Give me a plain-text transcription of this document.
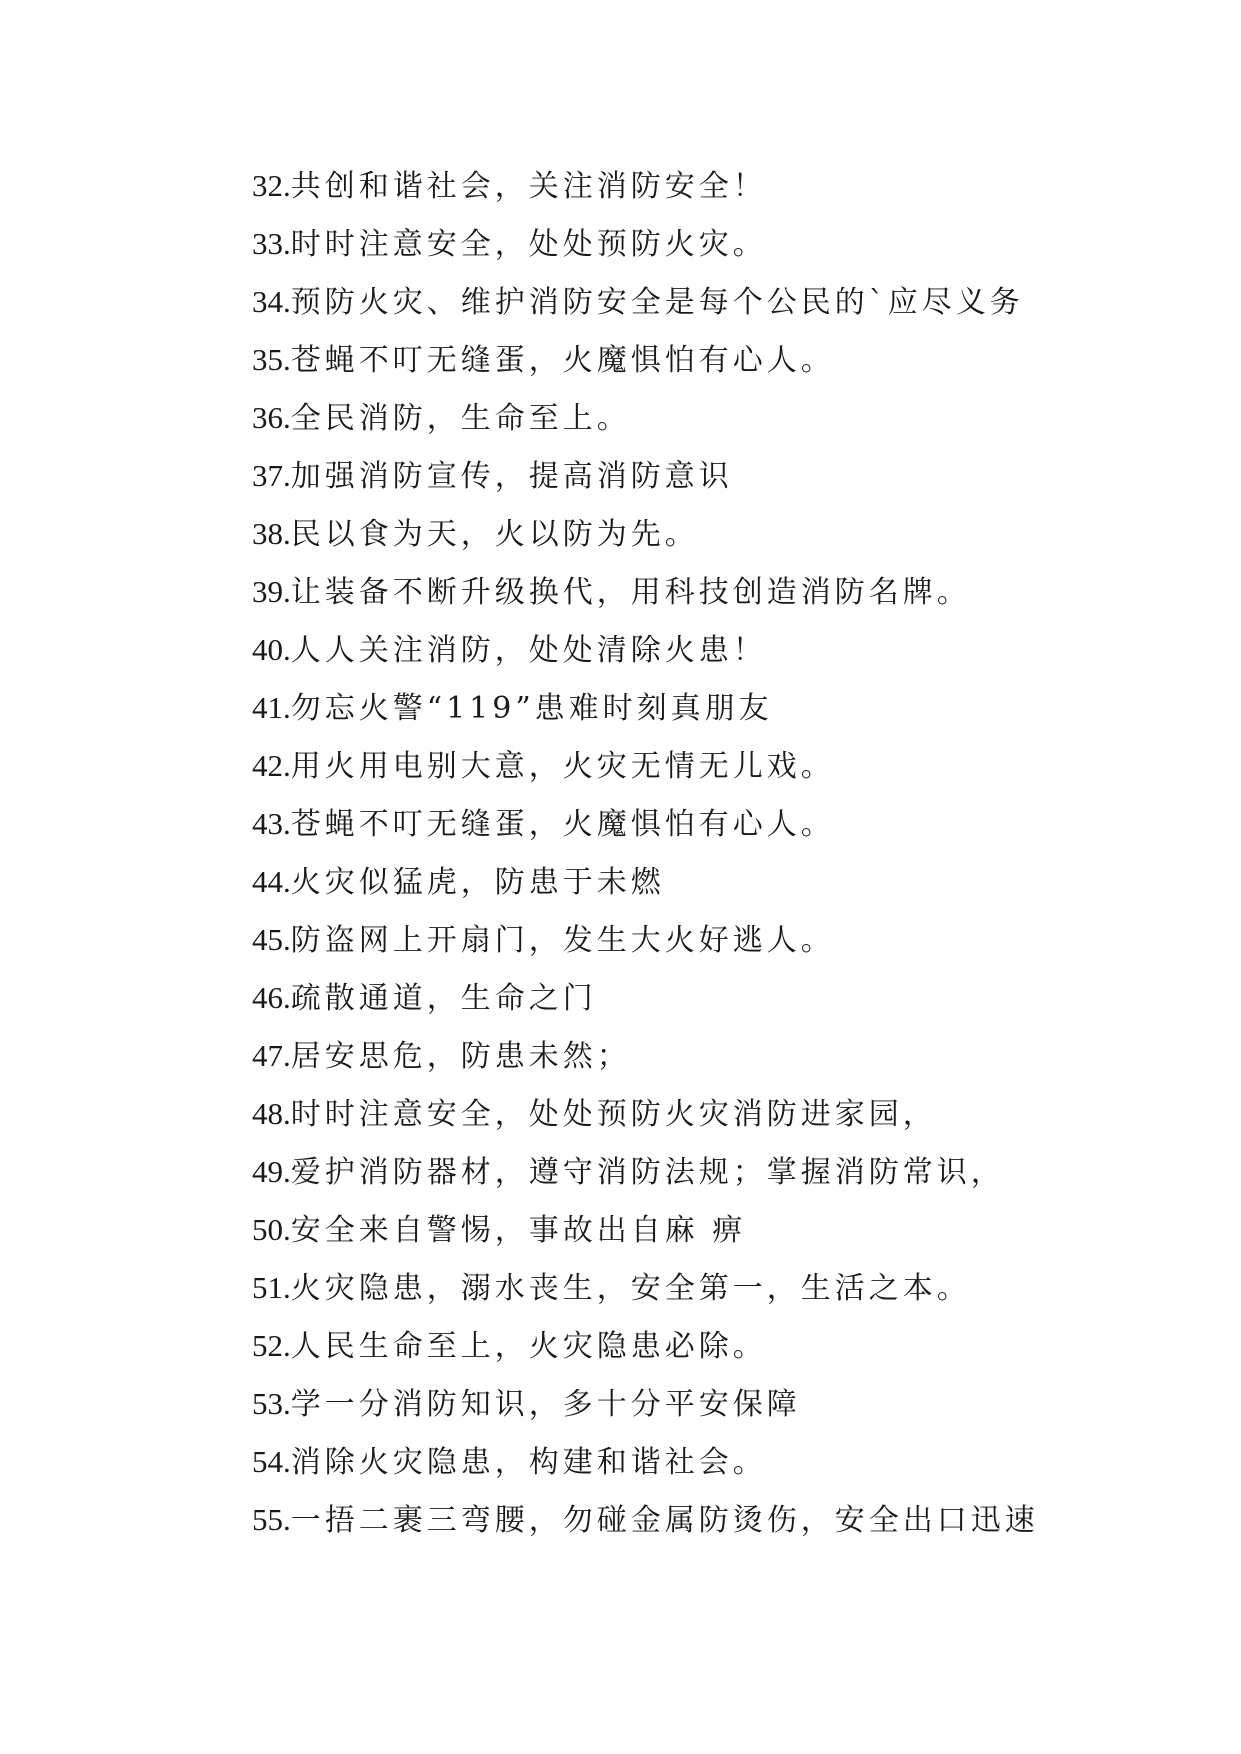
32. 共创和谐社会，关注消防安全！
33. 时时注意安全，处处预防火灾。
34. 预防火灾、维护消防安全是每个公民的`应尽义务
35. 苍蝇不叮无缝蛋，火魔惧怕有心人。
36. 全民消防，生命至上。
37. 加强消防宣传，提高消防意识
38. 民以食为天，火以防为先。
39. 让装备不断升级换代，用科技创造消防名牌。
40. 人人关注消防，处处清除火患！
41. 勿忘火警“119”患难时刻真朋友
42. 用火用电别大意，火灾无情无儿戏。
43. 苍蝇不叮无缝蛋，火魔惧怕有心人。
44. 火灾似猛虎，防患于未燃
45. 防盗网上开扇门，发生大火好逃人。
46. 疏散通道，生命之门
47. 居安思危，防患未然；
48. 时时注意安全，处处预防火灾消防进家园，
49. 爱护消防器材，遵守消防法规；掌握消防常识，
50. 安全来自警惕，事故出自麻 痹
51. 火灾隐患，溺水丧生，安全第一，生活之本。
52. 人民生命至上，火灾隐患必除。
53. 学一分消防知识，多十分平安保障
54. 消除火灾隐患，构建和谐社会。
55. 一捂二裹三弯腰，勿碰金属防烫伤，安全出口迅速
